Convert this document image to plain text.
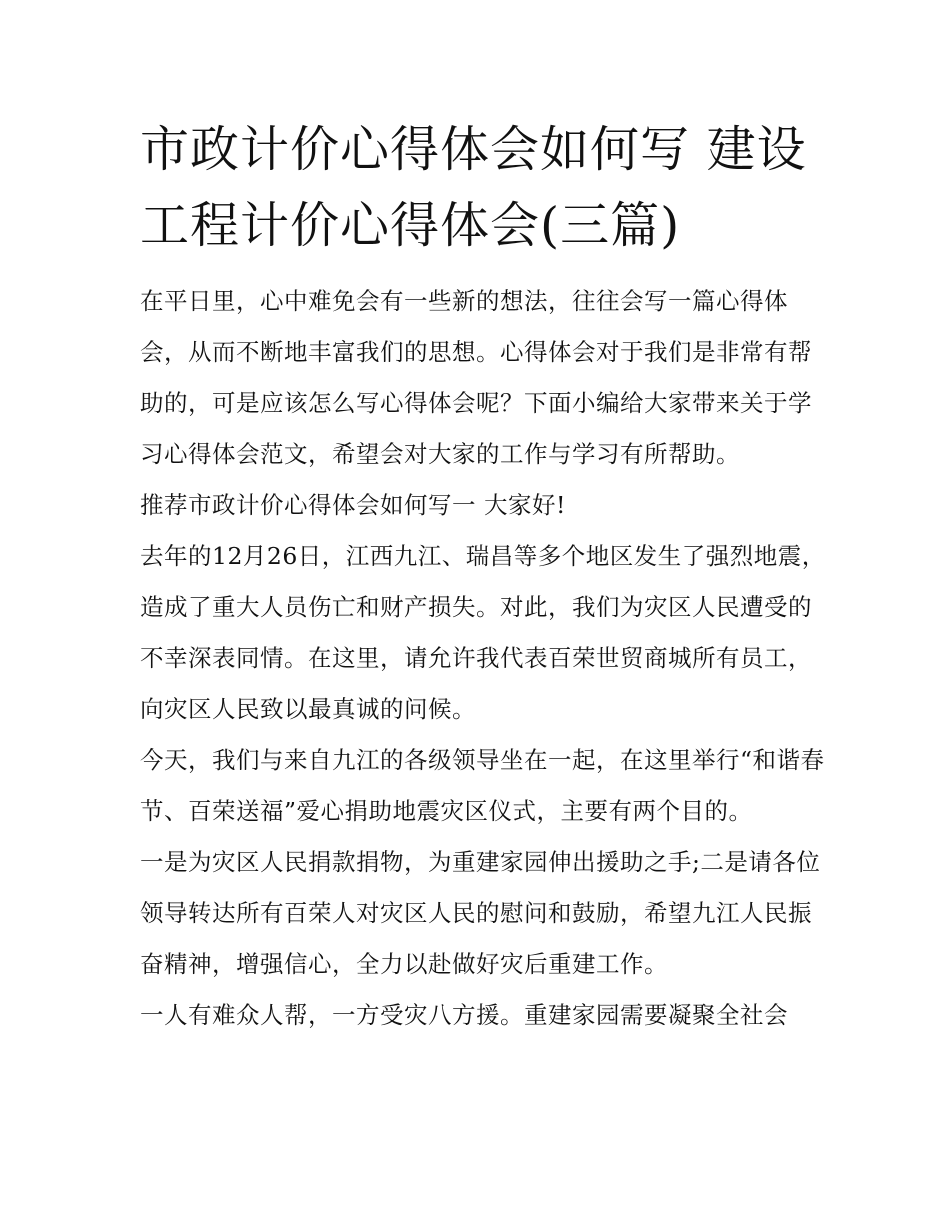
市政计价心得体会如何写 建设工程计价心得体会(三篇)

在平日里，心中难免会有一些新的想法，往往会写一篇心得体会，从而不断地丰富我们的思想。心得体会对于我们是非常有帮助的，可是应该怎么写心得体会呢？下面小编给大家带来关于学习心得体会范文，希望会对大家的工作与学习有所帮助。

推荐市政计价心得体会如何写一 大家好!

去年的12月26日，江西九江、瑞昌等多个地区发生了强烈地震，造成了重大人员伤亡和财产损失。对此，我们为灾区人民遭受的不幸深表同情。在这里，请允许我代表百荣世贸商城所有员工，向灾区人民致以最真诚的问候。

今天，我们与来自九江的各级领导坐在一起，在这里举行“和谐春节、百荣送福”爱心捐助地震灾区仪式，主要有两个目的。

一是为灾区人民捐款捐物，为重建家园伸出援助之手;二是请各位领导转达所有百荣人对灾区人民的慰问和鼓励，希望九江人民振奋精神，增强信心，全力以赴做好灾后重建工作。

一人有难众人帮，一方受灾八方援。重建家园需要凝聚全社会
